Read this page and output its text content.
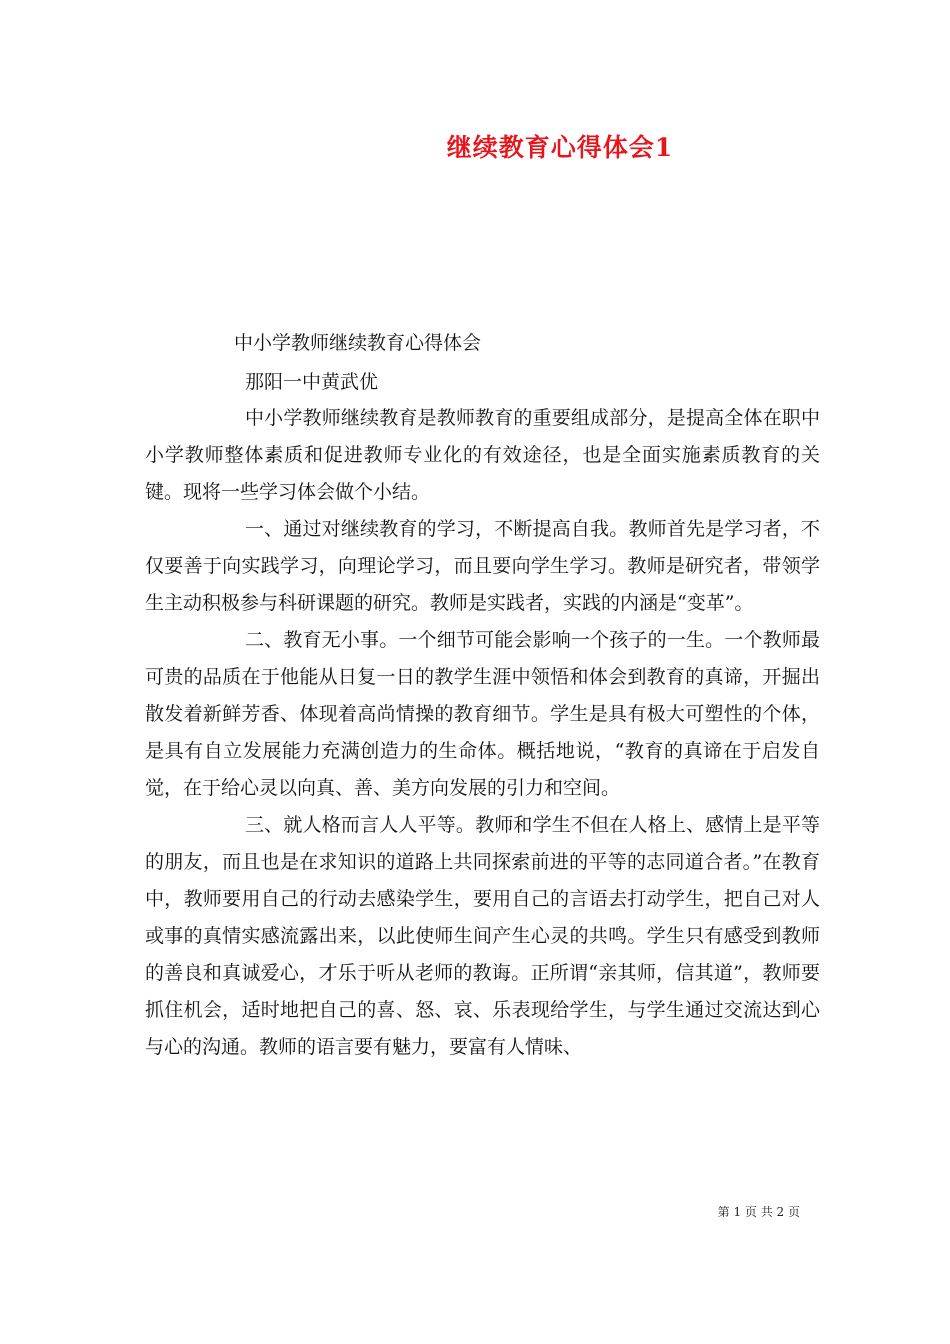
继续教育心得体会1

中小学教师继续教育心得体会

那阳一中黄武优

中小学教师继续教育是教师教育的重要组成部分，是提高全体在职中小学教师整体素质和促进教师专业化的有效途径，也是全面实施素质教育的关键。现将一些学习体会做个小结。

一、通过对继续教育的学习，不断提高自我。教师首先是学习者，不仅要善于向实践学习，向理论学习，而且要向学生学习。教师是研究者，带领学生主动积极参与科研课题的研究。教师是实践者，实践的内涵是“变革”。

二、教育无小事。一个细节可能会影响一个孩子的一生。一个教师最可贵的品质在于他能从日复一日的教学生涯中领悟和体会到教育的真谛，开掘出散发着新鲜芳香、体现着高尚情操的教育细节。学生是具有极大可塑性的个体，是具有自立发展能力充满创造力的生命体。概括地说，“教育的真谛在于启发自觉，在于给心灵以向真、善、美方向发展的引力和空间。

三、就人格而言人人平等。教师和学生不但在人格上、感情上是平等的朋友，而且也是在求知识的道路上共同探索前进的平等的志同道合者。”在教育中，教师要用自己的行动去感染学生，要用自己的言语去打动学生，把自己对人或事的真情实感流露出来，以此使师生间产生心灵的共鸣。学生只有感受到教师的善良和真诚爱心，才乐于听从老师的教诲。正所谓“亲其师，信其道”，教师要抓住机会，适时地把自己的喜、怒、哀、乐表现给学生，与学生通过交流达到心与心的沟通。教师的语言要有魅力，要富有人情味、

第 1 页 共 2 页
